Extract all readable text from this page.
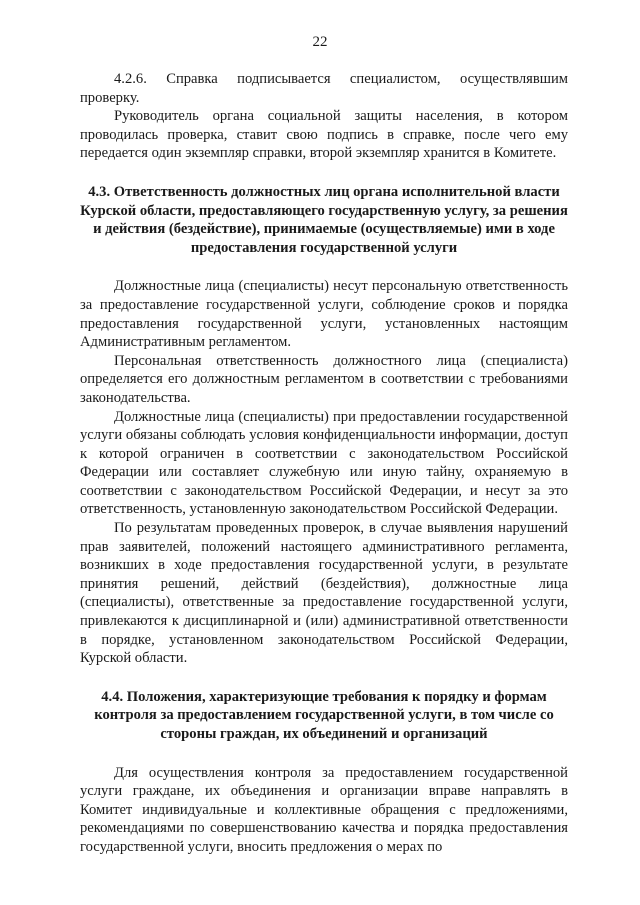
22

4.2.6. Справка подписывается специалистом, осуществлявшим проверку.

Руководитель органа социальной защиты населения, в котором проводилась проверка, ставит свою подпись в справке, после чего ему передается один экземпляр справки, второй экземпляр хранится в Комитете.

4.3. Ответственность должностных лиц органа исполнительной власти Курской области, предоставляющего государственную услугу, за решения и действия (бездействие), принимаемые (осуществляемые) ими в ходе предоставления государственной услуги

Должностные лица (специалисты) несут персональную ответственность за предоставление государственной услуги, соблюдение сроков и порядка предоставления государственной услуги, установленных настоящим Административным регламентом.

Персональная ответственность должностного лица (специалиста) определяется его должностным регламентом в соответствии с требованиями законодательства.

Должностные лица (специалисты) при предоставлении государственной услуги обязаны соблюдать условия конфиденциальности информации, доступ к которой ограничен в соответствии с законодательством Российской Федерации или составляет служебную или иную тайну, охраняемую в соответствии с законодательством Российской Федерации, и несут за это ответственность, установленную законодательством Российской Федерации.

По результатам проведенных проверок, в случае выявления нарушений прав заявителей, положений настоящего административного регламента, возникших в ходе предоставления государственной услуги, в результате принятия решений, действий (бездействия), должностные лица (специалисты), ответственные за предоставление государственной услуги, привлекаются к дисциплинарной и (или) административной ответственности в порядке, установленном законодательством Российской Федерации, Курской области.

4.4. Положения, характеризующие требования к порядку и формам контроля за предоставлением государственной услуги, в том числе со стороны граждан, их объединений и организаций

Для осуществления контроля за предоставлением государственной услуги граждане, их объединения и организации вправе направлять в Комитет индивидуальные и коллективные обращения с предложениями, рекомендациями по совершенствованию качества и порядка предоставления государственной услуги, вносить предложения о мерах по
